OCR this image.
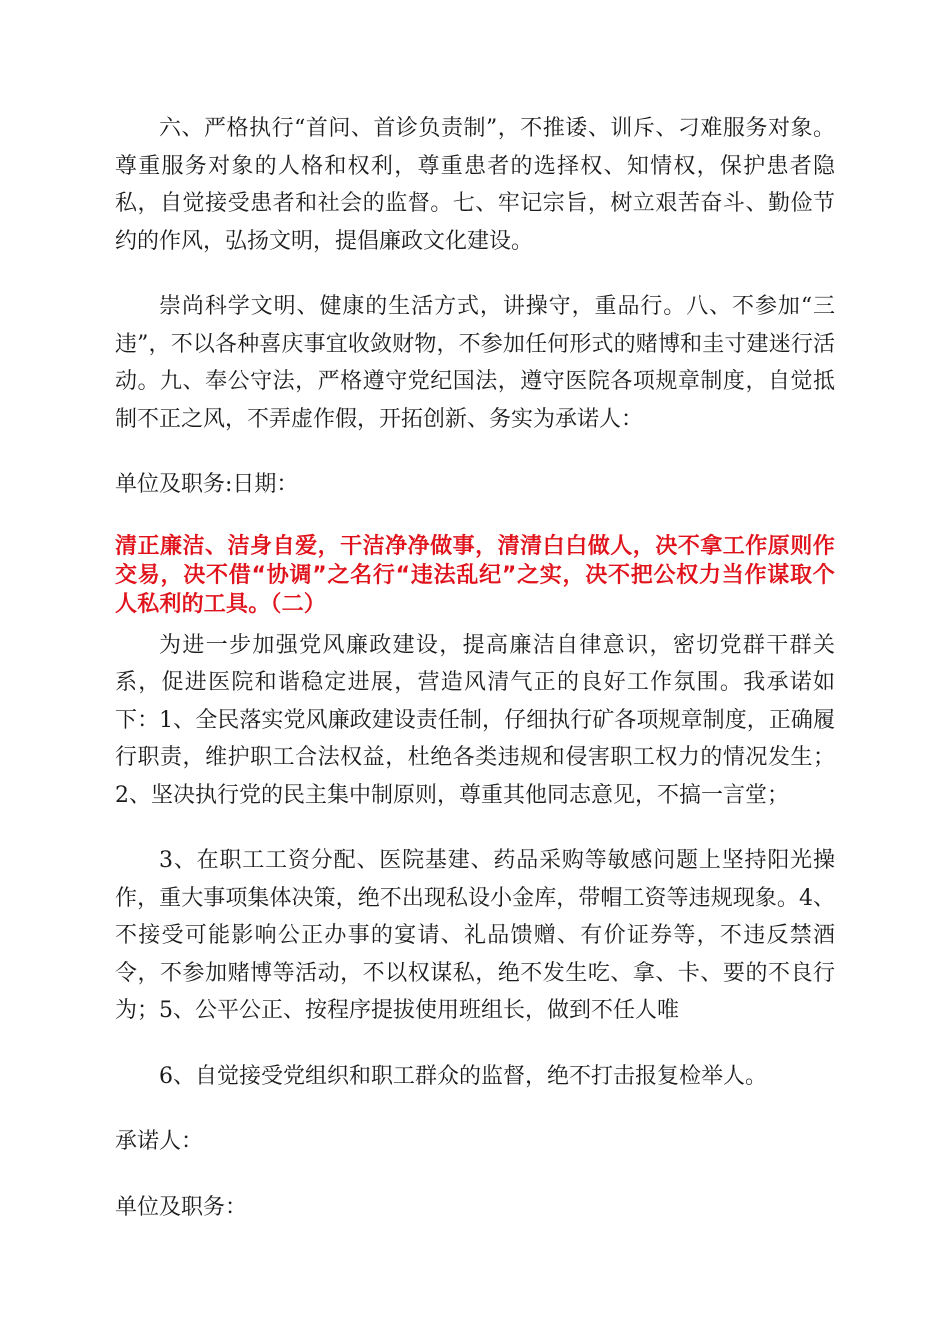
六、严格执行“首问、首诊负责制”，不推诿、训斥、刁难服务对象。尊重服务对象的人格和权利，尊重患者的选择权、知情权，保护患者隐私，自觉接受患者和社会的监督。七、牢记宗旨，树立艰苦奋斗、勤俭节约的作风，弘扬文明，提倡廉政文化建设。

崇尚科学文明、健康的生活方式，讲操守，重品行。八、不参加“三违”，不以各种喜庆事宜收敛财物，不参加任何形式的赌博和圭寸建迷行活动。九、奉公守法，严格遵守党纪国法，遵守医院各项规章制度，自觉抵制不正之风，不弄虚作假，开拓创新、务实为承诺人：

单位及职务:日期：

清正廉洁、洁身自爱，干洁净净做事，清清白白做人，决不拿工作原则作交易，决不借“协调”之名行“违法乱纪”之实，决不把公权力当作谋取个人私利的工具。（二）

为进一步加强党风廉政建设，提高廉洁自律意识，密切党群干群关系，促进医院和谐稳定进展，营造风清气正的良好工作氛围。我承诺如下：1、全民落实党风廉政建设责任制，仔细执行矿各项规章制度，正确履行职责，维护职工合法权益，杜绝各类违规和侵害职工权力的情况发生；2、坚决执行党的民主集中制原则，尊重其他同志意见，不搞一言堂；

3、在职工工资分配、医院基建、药品采购等敏感问题上坚持阳光操作，重大事项集体决策，绝不出现私设小金库，带帽工资等违规现象。4、不接受可能影响公正办事的宴请、礼品馈赠、有价证券等，不违反禁酒令，不参加赌博等活动，不以权谋私，绝不发生吃、拿、卡、要的不良行为；5、公平公正、按程序提拔使用班组长，做到不任人唯

6、自觉接受党组织和职工群众的监督，绝不打击报复检举人。

承诺人：

单位及职务：
